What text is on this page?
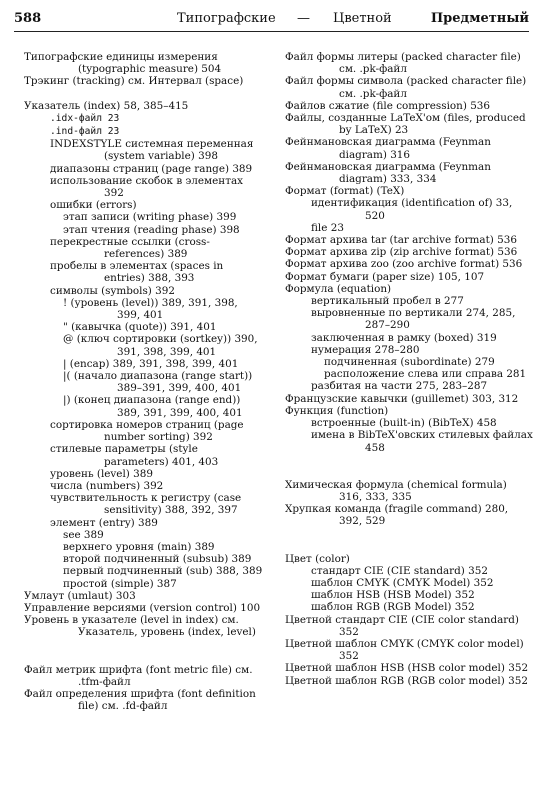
588	Типографские — Цветной	Предметный
Типографские единицы измерения (typographic measure) 504
Трэкинг (tracking) см. Интервал (space)
Указатель (index) 58, 385–415
.idx-файл 23
.ind-файл 23
INDEXSTYLE системная переменная (system variable) 398
диапазоны страниц (page range) 389
использование скобок в элементах 392
ошибки (errors)
этап записи (writing phase) 399
этап чтения (reading phase) 398
перекрестные ссылки (cross-references) 389
пробелы в элементах (spaces in entries) 388, 393
символы (symbols) 392
! (уровень (level)) 389, 391, 398, 399, 401
" (кавычка (quote)) 391, 401
@ (ключ сортировки (sortkey)) 390, 391, 398, 399, 401
| (encap) 389, 391, 398, 399, 401
|( (начало диапазона (range start)) 389–391, 399, 400, 401
|) (конец диапазона (range end)) 389, 391, 399, 400, 401
сортировка номеров страниц (page number sorting) 392
стилевые параметры (style parameters) 401, 403
уровень (level) 389
числа (numbers) 392
чувствительность к регистру (case sensitivity) 388, 392, 397
элемент (entry) 389
see 389
верхнего уровня (main) 389
второй подчиненный (subsub) 389
первый подчиненный (sub) 388, 389
простой (simple) 387
Умлаут (umlaut) 303
Управление версиями (version control) 100
Уровень в указателе (level in index) см. Указатель, уровень (index, level)
Файл метрик шрифта (font metric file) см. .tfm-файл
Файл определения шрифта (font definition file) см. .fd-файл
Файл формы литеры (packed character file) см. .pk-файл
Файл формы символа (packed character file) см. .pk-файл
Файлов сжатие (file compression) 536
Файлы, созданные LaTeX'ом (files, produced by LaTeX) 23
Фейнмановская диаграмма (Feynman diagram) 316
Фейнмановская диаграмма (Feynman diagram) 333, 334
Формат (format) (TeX)
идентификация (identification of) 33, 520
file 23
Формат архива tar (tar archive format) 536
Формат архива zip (zip archive format) 536
Формат архива zoo (zoo archive format) 536
Формат бумаги (paper size) 105, 107
Формула (equation)
вертикальный пробел в 277
выровненные по вертикали 274, 285, 287–290
заключенная в рамку (boxed) 319
нумерация 278–280
подчиненная (subordinate) 279
расположение слева или справа 281
разбитая на части 275, 283–287
Французские кавычки (guillemet) 303, 312
Функция (function)
встроенные (built-in) (BibTeX) 458
имена в BibTeX'овских стилевых файлах 458
Химическая формула (chemical formula) 316, 333, 335
Хрупкая команда (fragile command) 280, 392, 529
Цвет (color)
стандарт CIE (CIE standard) 352
шаблон CMYK (CMYK Model) 352
шаблон HSB (HSB Model) 352
шаблон RGB (RGB Model) 352
Цветной стандарт CIE (CIE color standard) 352
Цветной шаблон CMYK (CMYK color model) 352
Цветной шаблон HSB (HSB color model) 352
Цветной шаблон RGB (RGB color model) 352
